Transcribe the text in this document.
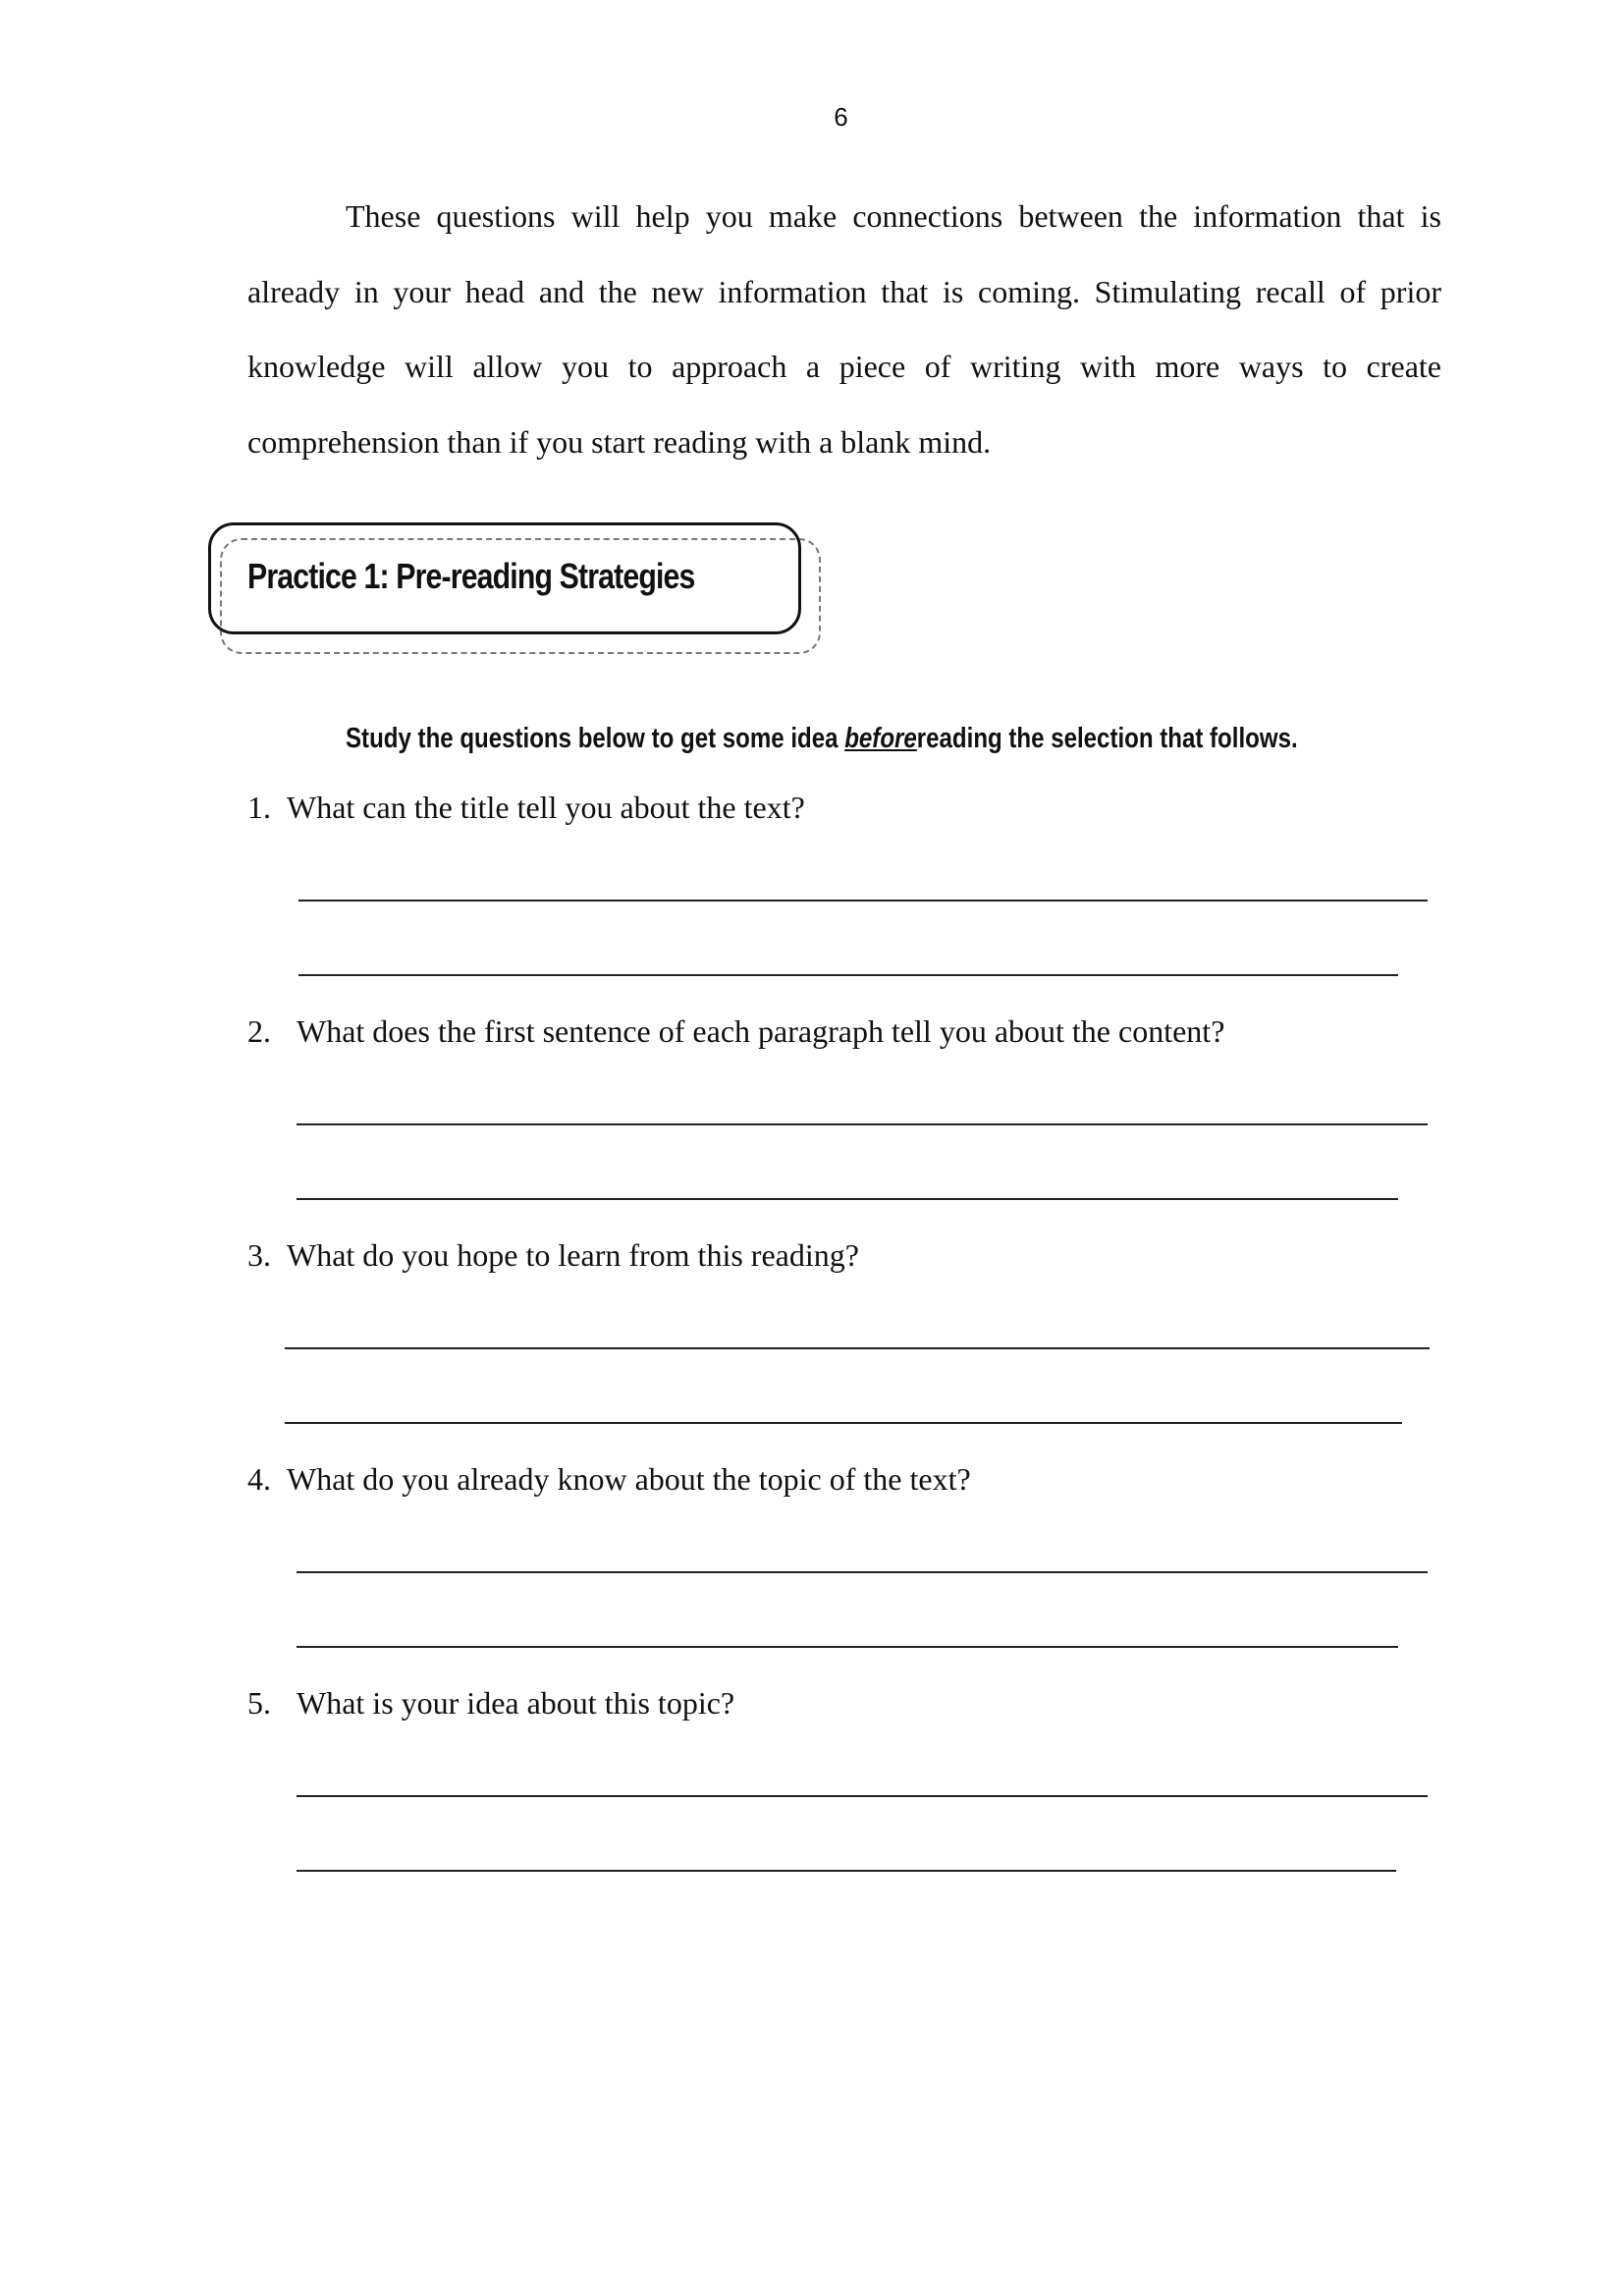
6

These questions will help you make connections between the information that is already in your head and the new information that is coming. Stimulating recall of prior knowledge will allow you to approach a piece of writing with more ways to create comprehension than if you start reading with a blank mind.

Practice 1: Pre-reading Strategies
Study the questions below to get some idea beforereading the selection that follows.
1. What can the title tell you about the text?
2. What does the first sentence of each paragraph tell you about the content?
3. What do you hope to learn from this reading?
4. What do you already know about the topic of the text?
5. What is your idea about this topic?
